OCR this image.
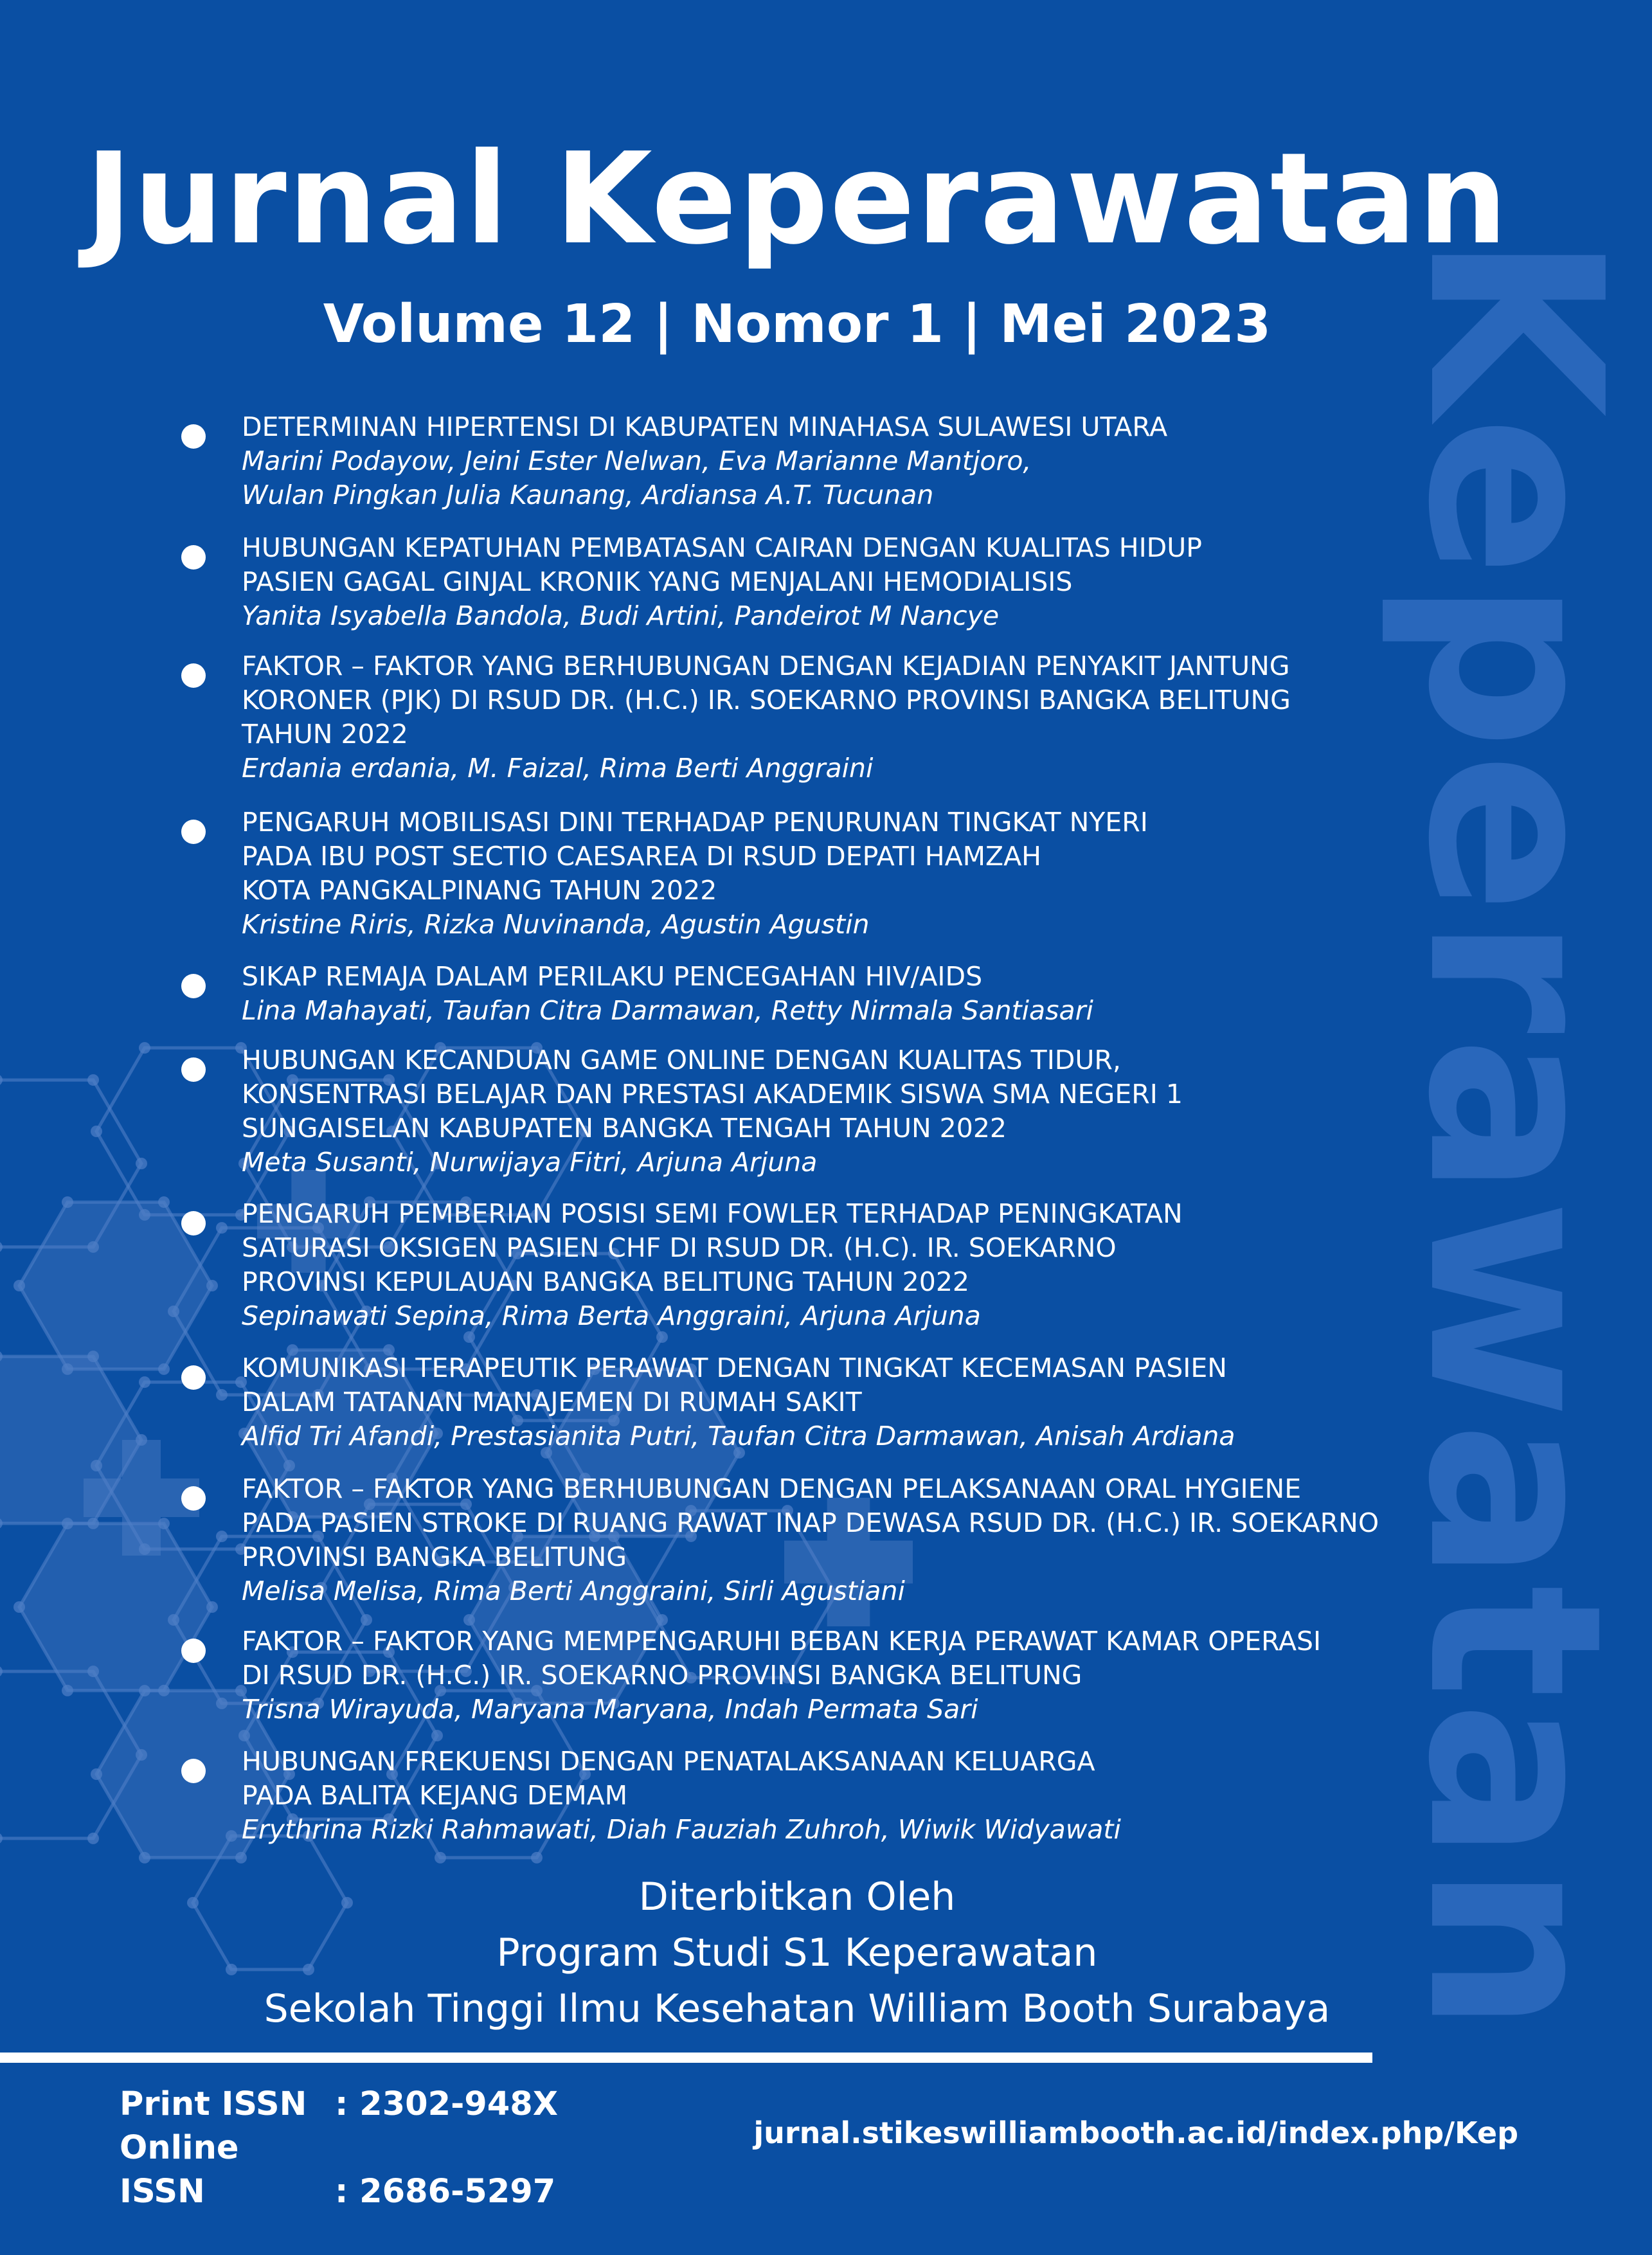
Keperawatan
Jurnal Keperawatan
Volume 12 | Nomor 1 | Mei 2023
DETERMINAN HIPERTENSI DI KABUPATEN MINAHASA SULAWESI UTARA
Marini Podayow, Jeini Ester Nelwan, Eva Marianne Mantjoro,
Wulan Pingkan Julia Kaunang, Ardiansa A.T. Tucunan
HUBUNGAN KEPATUHAN PEMBATASAN CAIRAN DENGAN KUALITAS HIDUP
PASIEN GAGAL GINJAL KRONIK YANG MENJALANI HEMODIALISIS
Yanita Isyabella Bandola, Budi Artini, Pandeirot M Nancye
FAKTOR – FAKTOR YANG BERHUBUNGAN DENGAN KEJADIAN PENYAKIT JANTUNG
KORONER (PJK) DI RSUD DR. (H.C.) IR. SOEKARNO PROVINSI BANGKA BELITUNG
TAHUN 2022
Erdania erdania, M. Faizal, Rima Berti Anggraini
PENGARUH MOBILISASI DINI TERHADAP PENURUNAN TINGKAT NYERI
PADA IBU POST SECTIO CAESAREA DI RSUD DEPATI HAMZAH
KOTA PANGKALPINANG TAHUN 2022
Kristine Riris, Rizka Nuvinanda, Agustin Agustin
SIKAP REMAJA DALAM PERILAKU PENCEGAHAN HIV/AIDS
Lina Mahayati, Taufan Citra Darmawan, Retty Nirmala Santiasari
HUBUNGAN KECANDUAN GAME ONLINE DENGAN KUALITAS TIDUR,
KONSENTRASI BELAJAR DAN PRESTASI AKADEMIK SISWA SMA NEGERI 1
SUNGAISELAN KABUPATEN BANGKA TENGAH TAHUN 2022
Meta Susanti, Nurwijaya Fitri, Arjuna Arjuna
PENGARUH PEMBERIAN POSISI SEMI FOWLER TERHADAP PENINGKATAN
SATURASI OKSIGEN PASIEN CHF DI RSUD DR. (H.C). IR. SOEKARNO
PROVINSI KEPULAUAN BANGKA BELITUNG TAHUN 2022
Sepinawati Sepina, Rima Berta Anggraini, Arjuna Arjuna
KOMUNIKASI TERAPEUTIK PERAWAT DENGAN TINGKAT KECEMASAN PASIEN
DALAM TATANAN MANAJEMEN DI RUMAH SAKIT
Alfid Tri Afandi, Prestasianita Putri, Taufan Citra Darmawan, Anisah Ardiana
FAKTOR – FAKTOR YANG BERHUBUNGAN DENGAN PELAKSANAAN ORAL HYGIENE
PADA PASIEN STROKE DI RUANG RAWAT INAP DEWASA RSUD DR. (H.C.) IR. SOEKARNO
PROVINSI BANGKA BELITUNG
Melisa Melisa, Rima Berti Anggraini, Sirli Agustiani
FAKTOR – FAKTOR YANG MEMPENGARUHI BEBAN KERJA PERAWAT KAMAR OPERASI
DI RSUD DR. (H.C.) IR. SOEKARNO PROVINSI BANGKA BELITUNG
Trisna Wirayuda, Maryana Maryana, Indah Permata Sari
HUBUNGAN FREKUENSI DENGAN PENATALAKSANAAN KELUARGA
PADA BALITA KEJANG DEMAM
Erythrina Rizki Rahmawati, Diah Fauziah Zuhroh, Wiwik Widyawati
Diterbitkan Oleh
Program Studi S1 Keperawatan
Sekolah Tinggi Ilmu Kesehatan William Booth Surabaya
Print ISSN : 2302-948X
Online ISSN	: 2686-5297
jurnal.stikeswilliambooth.ac.id/index.php/Kep
